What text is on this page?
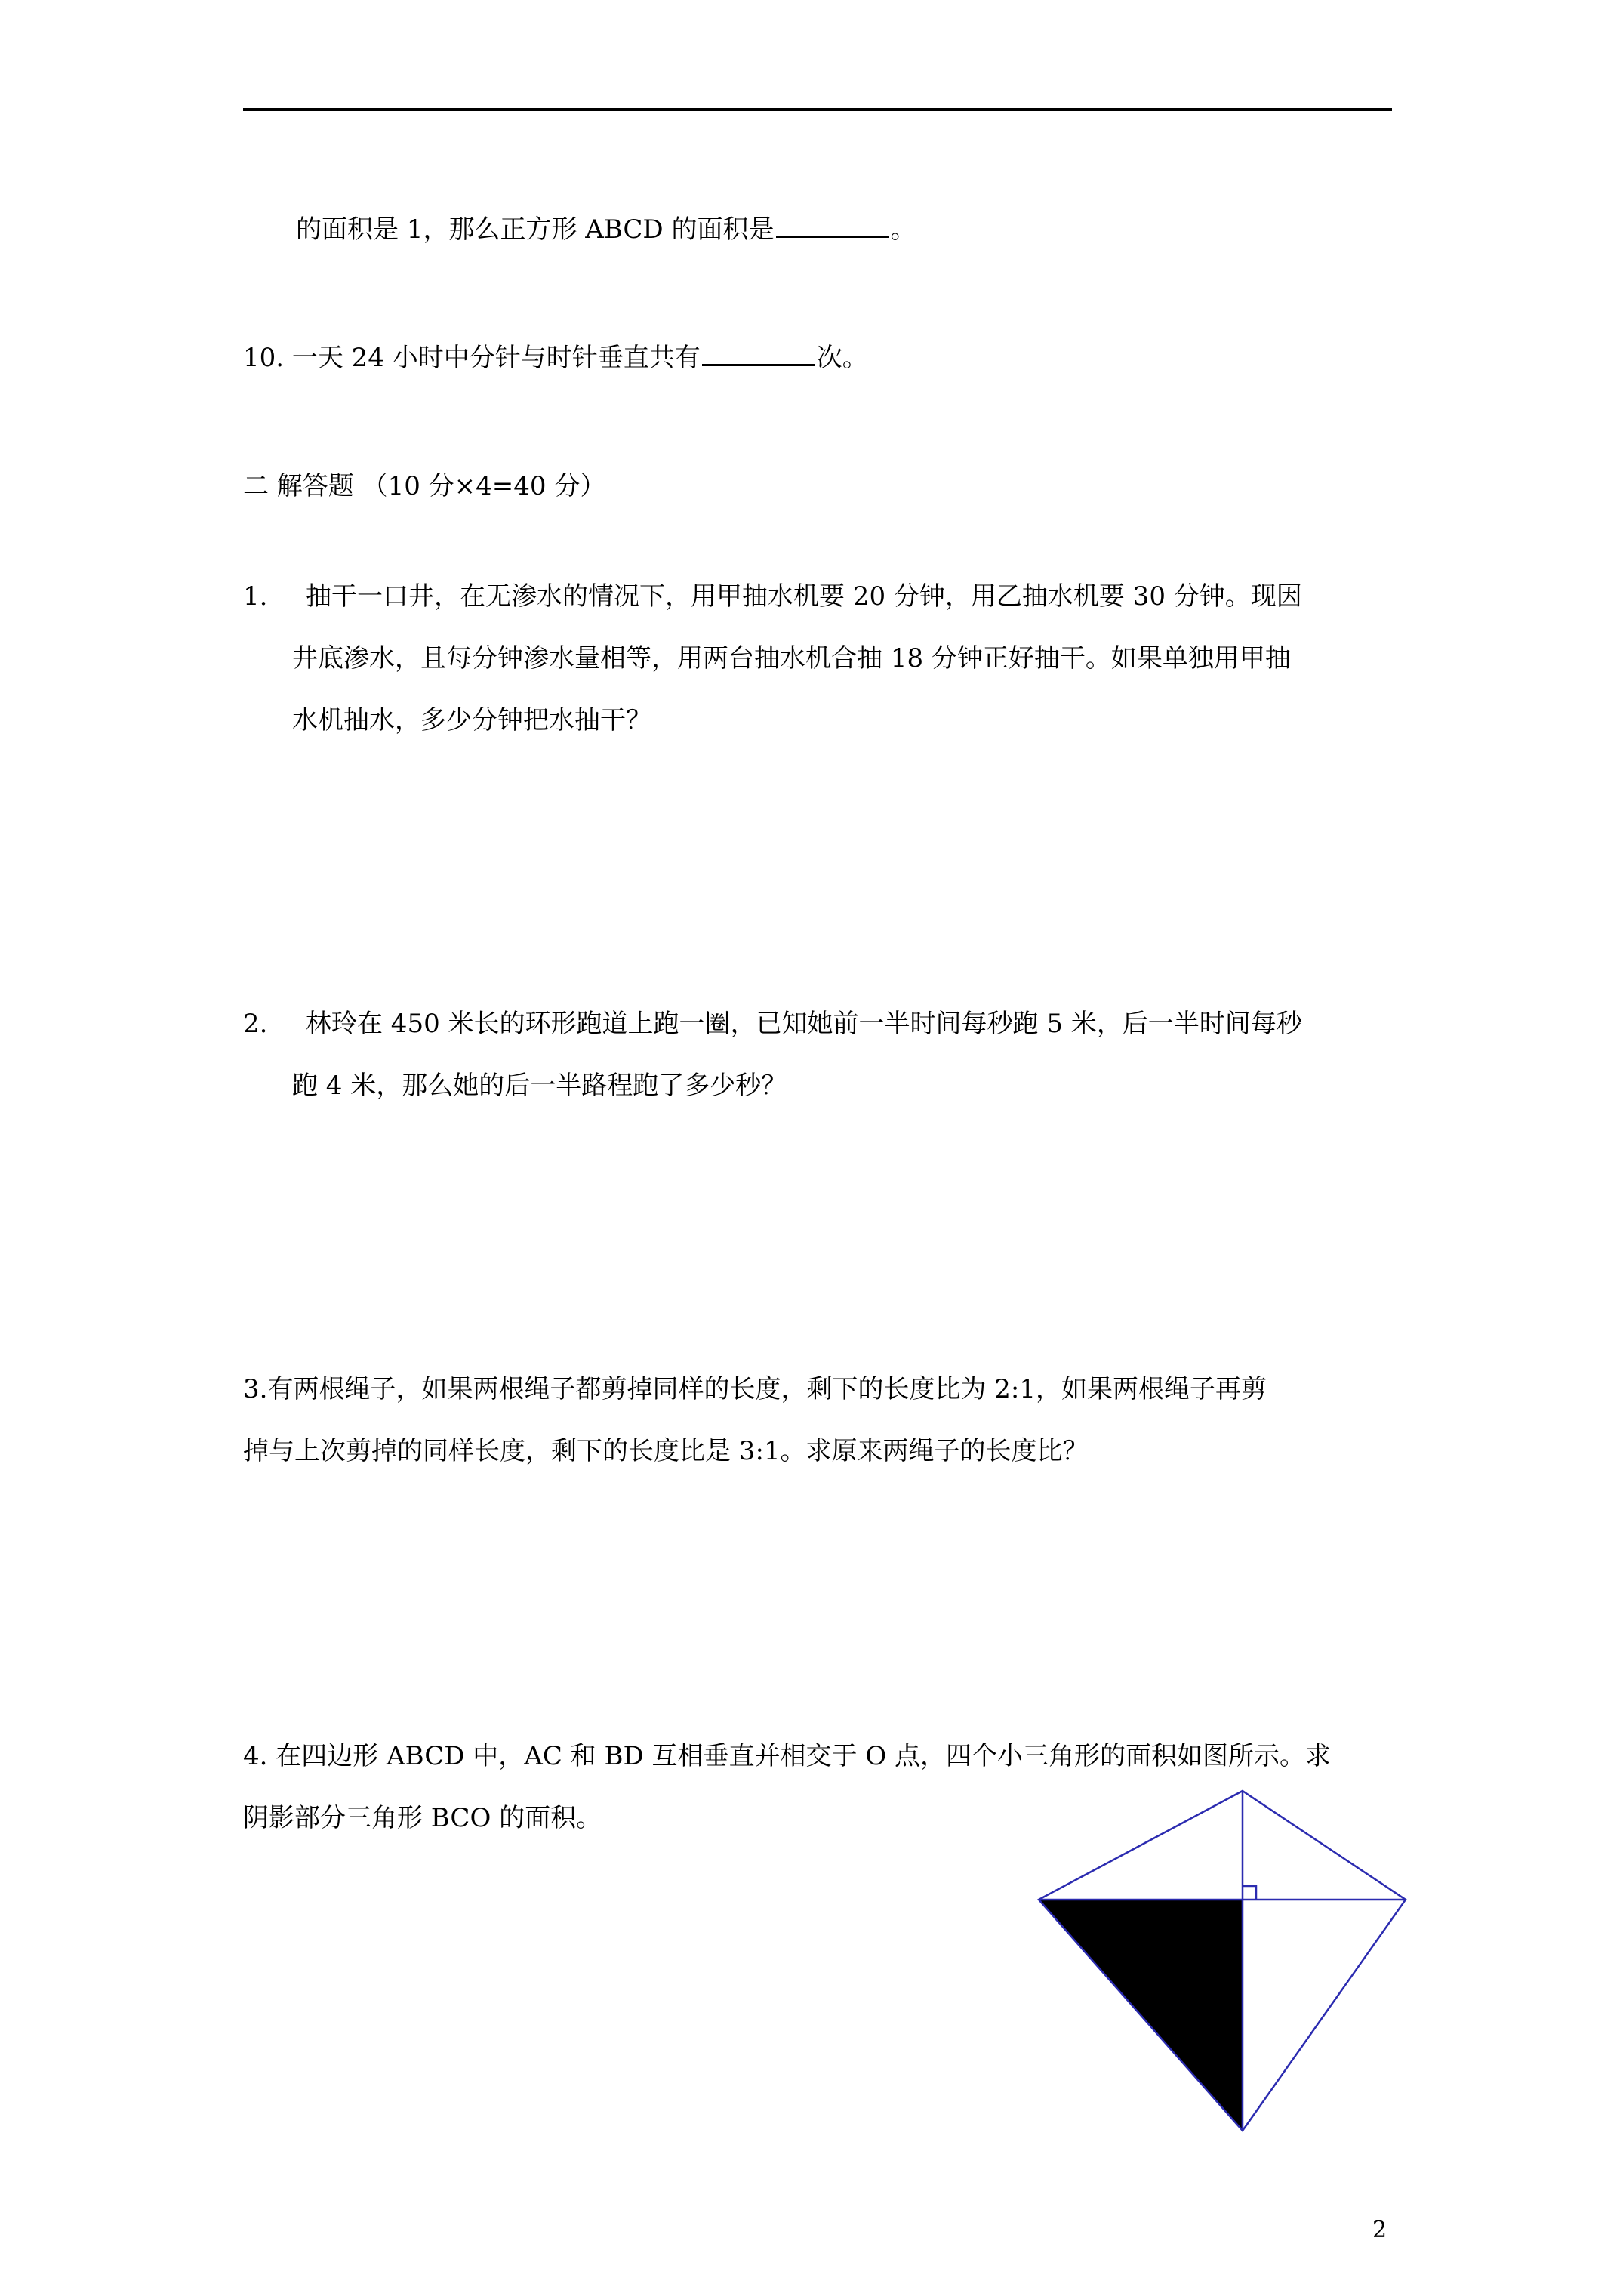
的面积是 1，那么正方形 ABCD 的面积是	。
10. 一天 24 小时中分针与时针垂直共有	次。
二 解答题 （10 分×4=40 分）
1. 抽干一口井，在无渗水的情况下，用甲抽水机要 20 分钟，用乙抽水机要 30 分钟。现因
井底渗水，且每分钟渗水量相等，用两台抽水机合抽 18 分钟正好抽干。如果单独用甲抽
水机抽水，多少分钟把水抽干？
2. 林玲在 450 米长的环形跑道上跑一圈，已知她前一半时间每秒跑 5 米，后一半时间每秒
跑 4 米，那么她的后一半路程跑了多少秒？
3.有两根绳子，如果两根绳子都剪掉同样的长度，剩下的长度比为 2:1，如果两根绳子再剪
掉与上次剪掉的同样长度，剩下的长度比是 3:1。求原来两绳子的长度比？
4. 在四边形 ABCD 中，AC 和 BD 互相垂直并相交于 O 点，四个小三角形的面积如图所示。求
阴影部分三角形 BCO 的面积。
2
